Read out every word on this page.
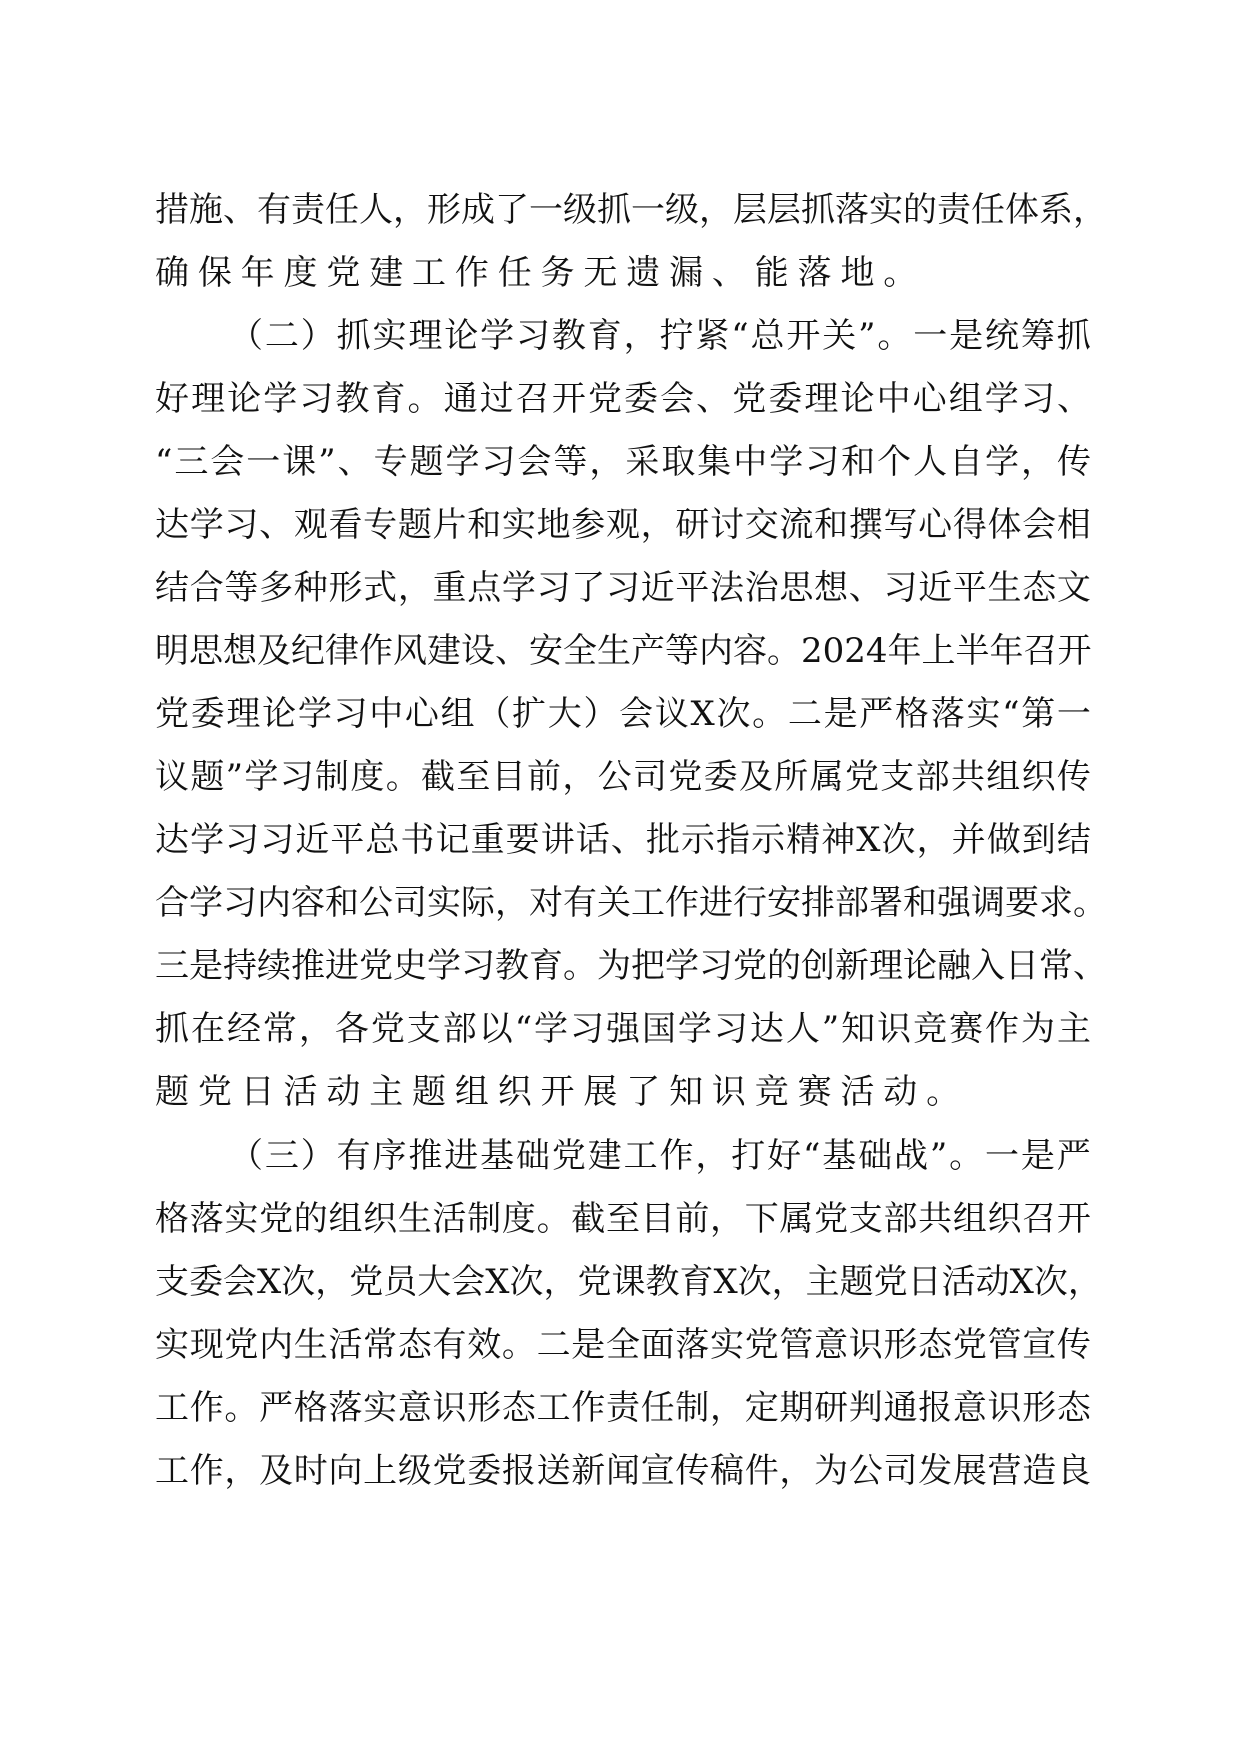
措 施 、 有 责 任 人 ， 形 成 了 一 级 抓 一 级 ， 层 层 抓 落 实 的 责 任 体 系 ，
确保年度党建工作任务无遗漏、能落地。
（ 二 ） 抓 实 理 论 学 习 教 育 ， 拧 紧 “ 总 开 关 ” 。 一 是 统 筹 抓
好 理 论 学 习 教 育 。 通 过 召 开 党 委 会 、 党 委 理 论 中 心 组 学 习 、
“ 三 会 一 课 ” 、 专 题 学 习 会 等 ， 采 取 集 中 学 习 和 个 人 自 学 ， 传
达 学 习 、 观 看 专 题 片 和 实 地 参 观 ， 研 讨 交 流 和 撰 写 心 得 体 会 相
结 合 等 多 种 形 式 ， 重 点 学 习 了 习 近 平 法 治 思 想 、 习 近 平 生 态 文
明 思 想 及 纪 律 作 风 建 设 、 安 全 生 产 等 内 容 。 2024 年 上 半 年 召 开
党 委 理 论 学 习 中 心 组 （ 扩 大 ） 会 议 X 次 。 二 是 严 格 落 实 “ 第 一
议 题 ” 学 习 制 度 。 截 至 目 前 ， 公 司 党 委 及 所 属 党 支 部 共 组 织 传
达 学 习 习 近 平 总 书 记 重 要 讲 话 、 批 示 指 示 精 神 X 次 ， 并 做 到 结
合 学 习 内 容 和 公 司 实 际 ， 对 有 关 工 作 进 行 安 排 部 署 和 强 调 要 求 。
三 是 持 续 推 进 党 史 学 习 教 育 。 为 把 学 习 党 的 创 新 理 论 融 入 日 常 、
抓 在 经 常 ， 各 党 支 部 以 “ 学 习 强 国 学 习 达 人 ” 知 识 竞 赛 作 为 主
题党日活动主题组织开展了知识竞赛活动。
（ 三 ） 有 序 推 进 基 础 党 建 工 作 ， 打 好 “ 基 础 战 ” 。 一 是 严
格 落 实 党 的 组 织 生 活 制 度 。 截 至 目 前 ， 下 属 党 支 部 共 组 织 召 开
支 委 会 X 次 ， 党 员 大 会 X 次 ， 党 课 教 育 X 次 ， 主 题 党 日 活 动 X 次 ，
实 现 党 内 生 活 常 态 有 效 。 二 是 全 面 落 实 党 管 意 识 形 态 党 管 宣 传
工 作 。 严 格 落 实 意 识 形 态 工 作 责 任 制 ， 定 期 研 判 通 报 意 识 形 态
工 作 ， 及 时 向 上 级 党 委 报 送 新 闻 宣 传 稿 件 ， 为 公 司 发 展 营 造 良
